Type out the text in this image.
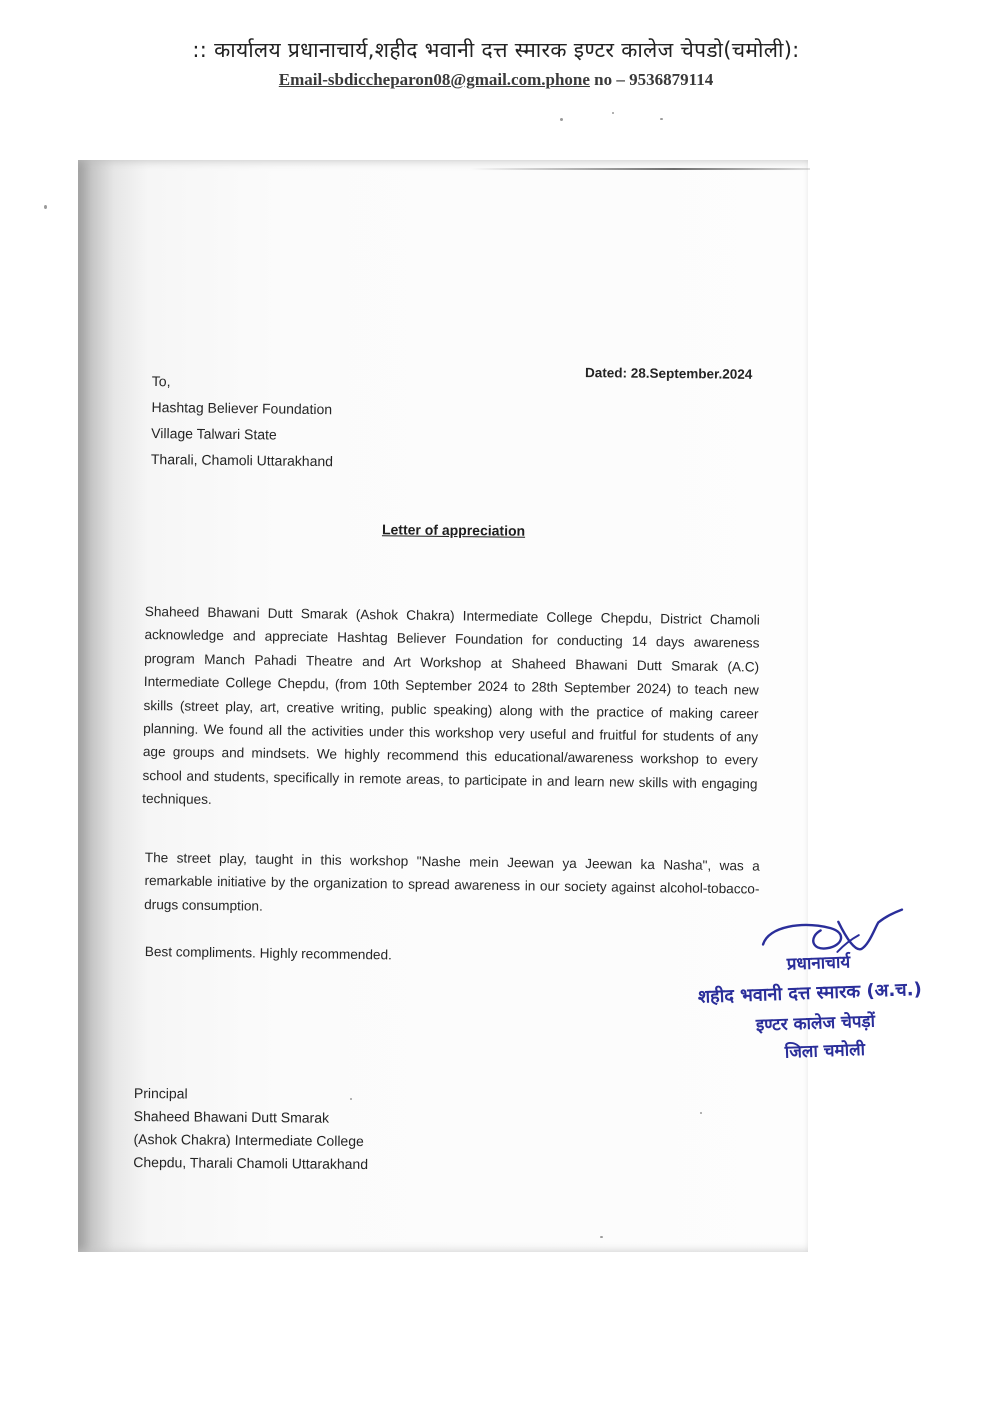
:: कार्यालय प्रधानाचार्य,शहीद भवानी दत्त स्मारक इण्टर कालेज चेपडो(चमोली):
Email-sbdiccheparon08@gmail.com.phone no – 9536879114
Dated: 28.September.2024
To,
Hashtag Believer Foundation
Village Talwari State
Tharali, Chamoli Uttarakhand
Letter of appreciation
Shaheed Bhawani Dutt Smarak (Ashok Chakra) Intermediate College Chepdu, District Chamoli acknowledge and appreciate Hashtag Believer Foundation for conducting 14 days awareness program Manch Pahadi Theatre and Art Workshop at Shaheed Bhawani Dutt Smarak (A.C) Intermediate College Chepdu, (from 10th September 2024 to 28th September 2024) to teach new skills (street play, art, creative writing, public speaking) along with the practice of making career planning. We found all the activities under this workshop very useful and fruitful for students of any age groups and mindsets. We highly recommend this educational/awareness workshop to every school and students, specifically in remote areas, to participate in and learn new skills with engaging techniques.
The street play, taught in this workshop "Nashe mein Jeewan ya Jeewan ka Nasha", was a remarkable initiative by the organization to spread awareness in our society against alcohol-tobacco-drugs consumption.
Best compliments. Highly recommended.
Principal
Shaheed Bhawani Dutt Smarak
(Ashok Chakra) Intermediate College
Chepdu, Tharali Chamoli Uttarakhand
प्रधानाचार्य
शहीद भवानी दत्त स्मारक (अ.च.)
इण्टर कालेज चेपड़ों
जिला चमोली
